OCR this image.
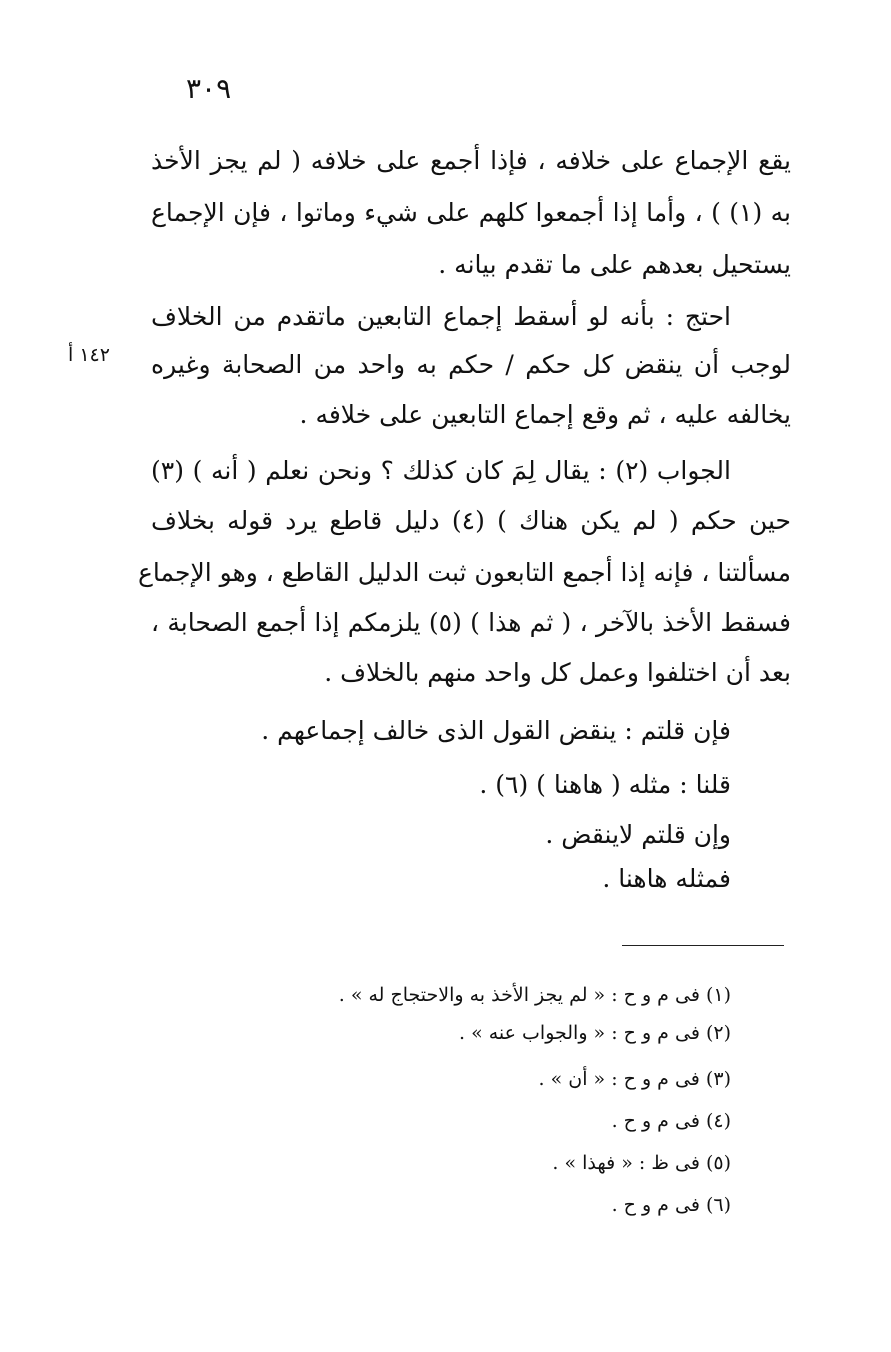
٣٠٩
يقع الإجماع على خلافه ، فإذا أجمع على خلافه ( لم يجز الأخذ
به (١) ) ، وأما إذا أجمعوا كلهم على شيء وماتوا ، فإن الإجماع
يستحيل بعدهم على ما تقدم بيانه .
احتج : بأنه لو أسقط إجماع التابعين ماتقدم من الخلاف
لوجب أن ينقض كل حكم / حكم به واحد من الصحابة وغيره
يخالفه عليه ، ثم وقع إجماع التابعين على خلافه .
١٤٢ أ
الجواب (٢) : يقال لِمَ كان كذلك ؟ ونحن نعلم ( أنه ) (٣)
حين حكم ( لم يكن هناك ) (٤) دليل قاطع يرد قوله بخلاف
مسألتنا ، فإنه إذا أجمع التابعون ثبت الدليل القاطع ، وهو الإجماع
فسقط الأخذ بالآخر ، ( ثم هذا ) (٥) يلزمكم إذا أجمع الصحابة ،
بعد أن اختلفوا وعمل كل واحد منهم بالخلاف .
فإن قلتم : ينقض القول الذى خالف إجماعهم .
قلنا : مثله ( هاهنا ) (٦) .
وإن قلتم لاينقض .
فمثله هاهنا .
(١) فى م و ح : « لم يجز الأخذ به والاحتجاج له » .
(٢) فى م و ح : « والجواب عنه » .
(٣) فى م و ح : « أن » .
(٤) فى م و ح .
(٥) فى ظ : « فهذا » .
(٦) فى م و ح .
